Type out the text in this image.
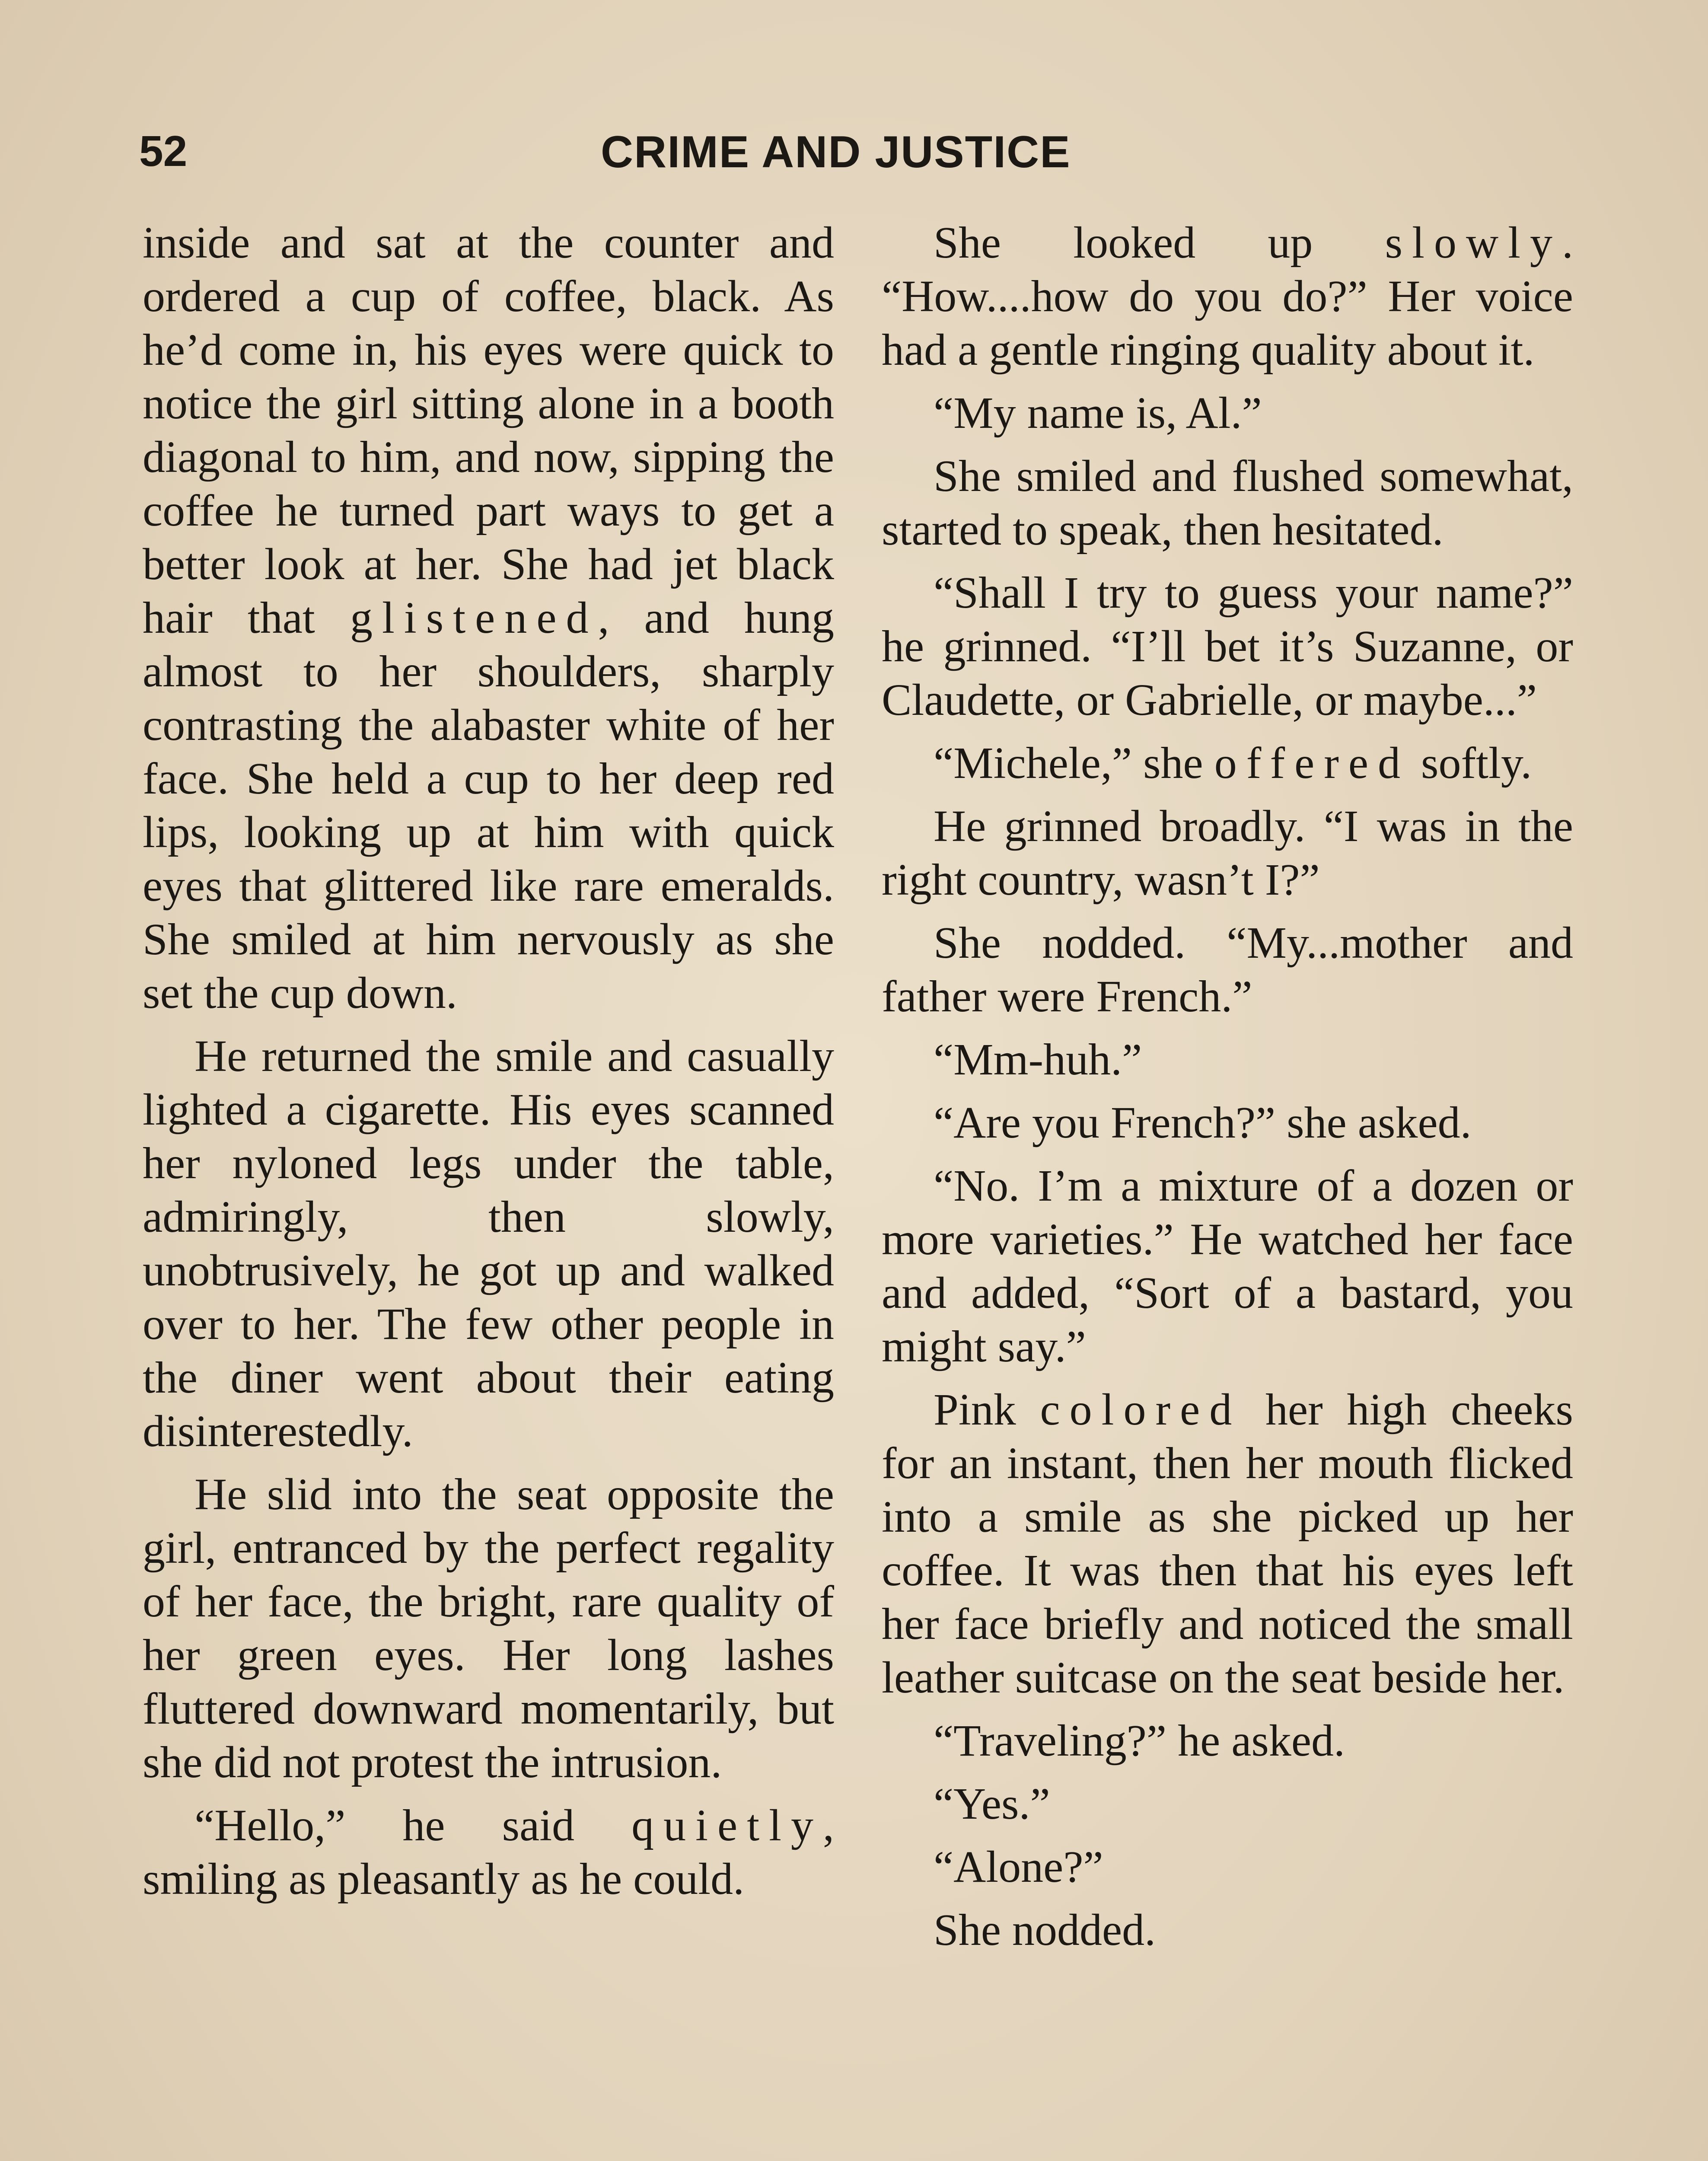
52	CRIME AND JUSTICE

inside and sat at the counter and ordered a cup of coffee, black. As he’d come in, his eyes were quick to notice the girl sitting alone in a booth diagonal to him, and now, sipping the coffee he turned part ways to get a better look at her. She had jet black hair that glistened, and hung almost to her shoulders, sharply contrasting the alabaster white of her face. She held a cup to her deep red lips, looking up at him with quick eyes that glittered like rare emeralds. She smiled at him nervously as she set the cup down.

He returned the smile and casually lighted a cigarette. His eyes scanned her nyloned legs under the table, admiringly, then slowly, unobtrusively, he got up and walked over to her. The few other people in the diner went about their eating disinterestedly.

He slid into the seat opposite the girl, entranced by the perfect regality of her face, the bright, rare quality of her green eyes. Her long lashes fluttered downward momentarily, but she did not protest the intrusion.

“Hello,” he said quietly, smiling as pleasantly as he could.

She looked up slowly. “How....how do you do?” Her voice had a gentle ringing quality about it.

“My name is, Al.”

She smiled and flushed somewhat, started to speak, then hesitated.

“Shall I try to guess your name?” he grinned. “I’ll bet it’s Suzanne, or Claudette, or Gabrielle, or maybe...”

“Michele,” she offered softly.

He grinned broadly. “I was in the right country, wasn’t I?”

She nodded. “My...mother and father were French.”

“Mm-huh.”

“Are you French?” she asked.

“No. I’m a mixture of a dozen or more varieties.” He watched her face and added, “Sort of a bastard, you might say.”

Pink colored her high cheeks for an instant, then her mouth flicked into a smile as she picked up her coffee. It was then that his eyes left her face briefly and noticed the small leather suitcase on the seat beside her.

“Traveling?” he asked.

“Yes.”

“Alone?”

She nodded.
